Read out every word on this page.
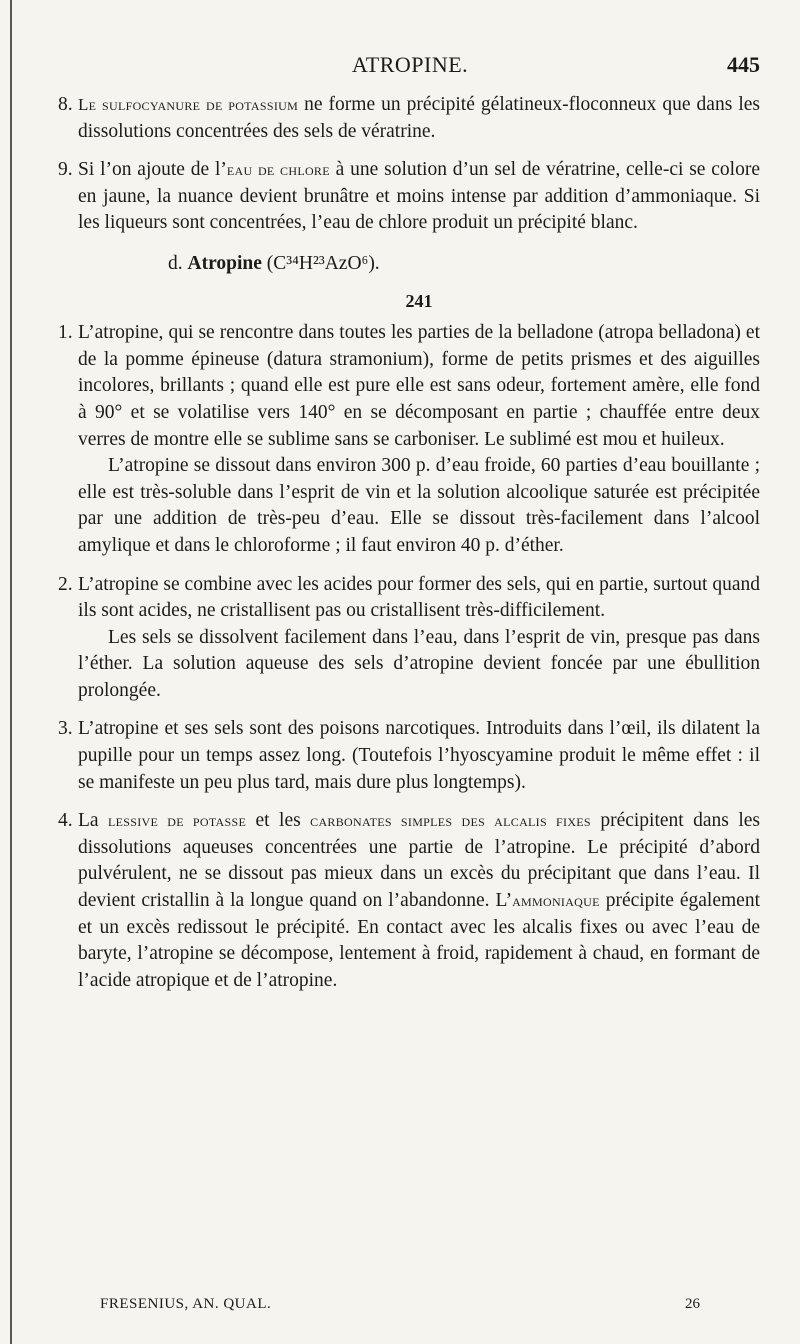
ATROPINE.	445
8. Le sulfocyanure de potassium ne forme un précipité gélatineux-floconneux que dans les dissolutions concentrées des sels de vératrine.

9. Si l’on ajoute de l’eau de chlore à une solution d’un sel de vératrine, celle-ci se colore en jaune, la nuance devient brunâtre et moins intense par addition d’ammoniaque. Si les liqueurs sont concentrées, l’eau de chlore produit un précipité blanc.

d. Atropine (C³⁴H²³AzO⁶).
241
1. L’atropine, qui se rencontre dans toutes les parties de la belladone (atropa belladona) et de la pomme épineuse (datura stramonium), forme de petits prismes et des aiguilles incolores, brillants ; quand elle est pure elle est sans odeur, fortement amère, elle fond à 90° et se volatilise vers 140° en se décomposant en partie ; chauffée entre deux verres de montre elle se sublime sans se carboniser. Le sublimé est mou et huileux.

L’atropine se dissout dans environ 300 p. d’eau froide, 60 parties d’eau bouillante ; elle est très-soluble dans l’esprit de vin et la solution alcoolique saturée est précipitée par une addition de très-peu d’eau. Elle se dissout très-facilement dans l’alcool amylique et dans le chloroforme ; il faut environ 40 p. d’éther.

2. L’atropine se combine avec les acides pour former des sels, qui en partie, surtout quand ils sont acides, ne cristallisent pas ou cristallisent très-difficilement.

Les sels se dissolvent facilement dans l’eau, dans l’esprit de vin, presque pas dans l’éther. La solution aqueuse des sels d’atropine devient foncée par une ébullition prolongée.

3. L’atropine et ses sels sont des poisons narcotiques. Introduits dans l’œil, ils dilatent la pupille pour un temps assez long. (Toutefois l’hyoscyamine produit le même effet : il se manifeste un peu plus tard, mais dure plus longtemps).

4. La lessive de potasse et les carbonates simples des alcalis fixes précipitent dans les dissolutions aqueuses concentrées une partie de l’atropine. Le précipité d’abord pulvérulent, ne se dissout pas mieux dans un excès du précipitant que dans l’eau. Il devient cristallin à la longue quand on l’abandonne. L’ammoniaque précipite également et un excès redissout le précipité. En contact avec les alcalis fixes ou avec l’eau de baryte, l’atropine se décompose, lentement à froid, rapidement à chaud, en formant de l’acide atropique et de l’atropine.

FRESENIUS, AN. QUAL.	26
